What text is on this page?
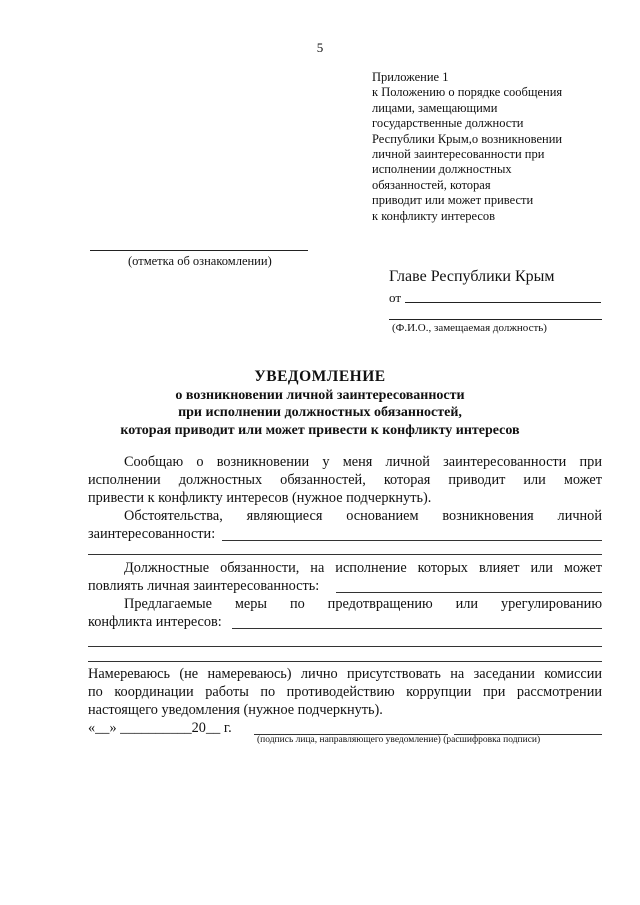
5
Приложение 1
к Положению о порядке сообщения
лицами, замещающими
государственные должности
Республики Крым,о возникновении
личной заинтересованности при
исполнении должностных
обязанностей, которая
приводит или может привести
к конфликту интересов
(отметка об ознакомлении)
Главе Республики Крым
от
(Ф.И.О., замещаемая должность)
УВЕДОМЛЕНИЕ
о возникновении личной заинтересованности
при исполнении должностных обязанностей,
которая приводит или может привести к конфликту интересов
Сообщаю о возникновении у меня личной заинтересованности при
исполнении должностных обязанностей, которая приводит или может
привести к конфликту интересов (нужное подчеркнуть).
Обстоятельства, являющиеся основанием возникновения личной
заинтересованности:
Должностные обязанности, на исполнение которых влияет или может
повлиять личная заинтересованность:
Предлагаемые меры по предотвращению или урегулированию
конфликта интересов:
Намереваюсь (не намереваюсь) лично присутствовать на заседании комиссии
по координации работы по противодействию коррупции при рассмотрении
настоящего уведомления (нужное подчеркнуть).
«__» __________20__ г.
(подпись лица, направляющего уведомление) (расшифровка подписи)
